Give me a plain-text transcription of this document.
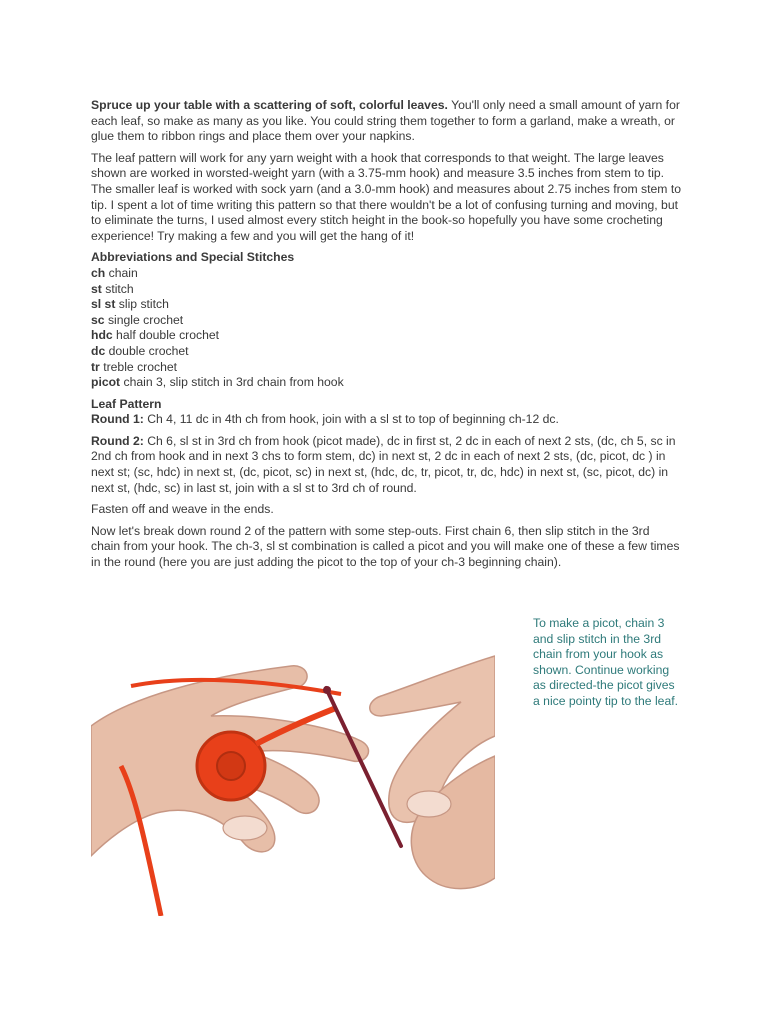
Spruce up your table with a scattering of soft, colorful leaves. You'll only need a small amount of yarn for each leaf, so make as many as you like. You could string them together to form a garland, make a wreath, or glue them to ribbon rings and place them over your napkins.

The leaf pattern will work for any yarn weight with a hook that corresponds to that weight. The large leaves shown are worked in worsted-weight yarn (with a 3.75-mm hook) and measure 3.5 inches from stem to tip. The smaller leaf is worked with sock yarn (and a 3.0-mm hook) and measures about 2.75 inches from stem to tip. I spent a lot of time writing this pattern so that there wouldn't be a lot of confusing turning and moving, but to eliminate the turns, I used almost every stitch height in the book-so hopefully you have some crocheting experience! Try making a few and you will get the hang of it!

Abbreviations and Special Stitches
ch chain
st stitch
sl st slip stitch
sc single crochet
hdc half double crochet
dc double crochet
tr treble crochet
picot chain 3, slip stitch in 3rd chain from hook
Leaf Pattern

Round 1: Ch 4, 11 dc in 4th ch from hook, join with a sl st to top of beginning ch-12 dc.

Round 2: Ch 6, sl st in 3rd ch from hook (picot made), dc in first st, 2 dc in each of next 2 sts, (dc, ch 5, sc in 2nd ch from hook and in next 3 chs to form stem, dc) in next st, 2 dc in each of next 2 sts, (dc, picot, dc ) in next st; (sc, hdc) in next st, (dc, picot, sc) in next st, (hdc, dc, tr, picot, tr, dc, hdc) in next st, (sc, picot, dc) in next st, (hdc, sc) in last st, join with a sl st to 3rd ch of round.

Fasten off and weave in the ends.

Now let's break down round 2 of the pattern with some step-outs. First chain 6, then slip stitch in the 3rd chain from your hook. The ch-3, sl st combination is called a picot and you will make one of these a few times in the round (here you are just adding the picot to the top of your ch-3 beginning chain).

To make a picot, chain 3 and slip stitch in the 3rd chain from your hook as shown. Continue working as directed-the picot gives a nice pointy tip to the leaf.
